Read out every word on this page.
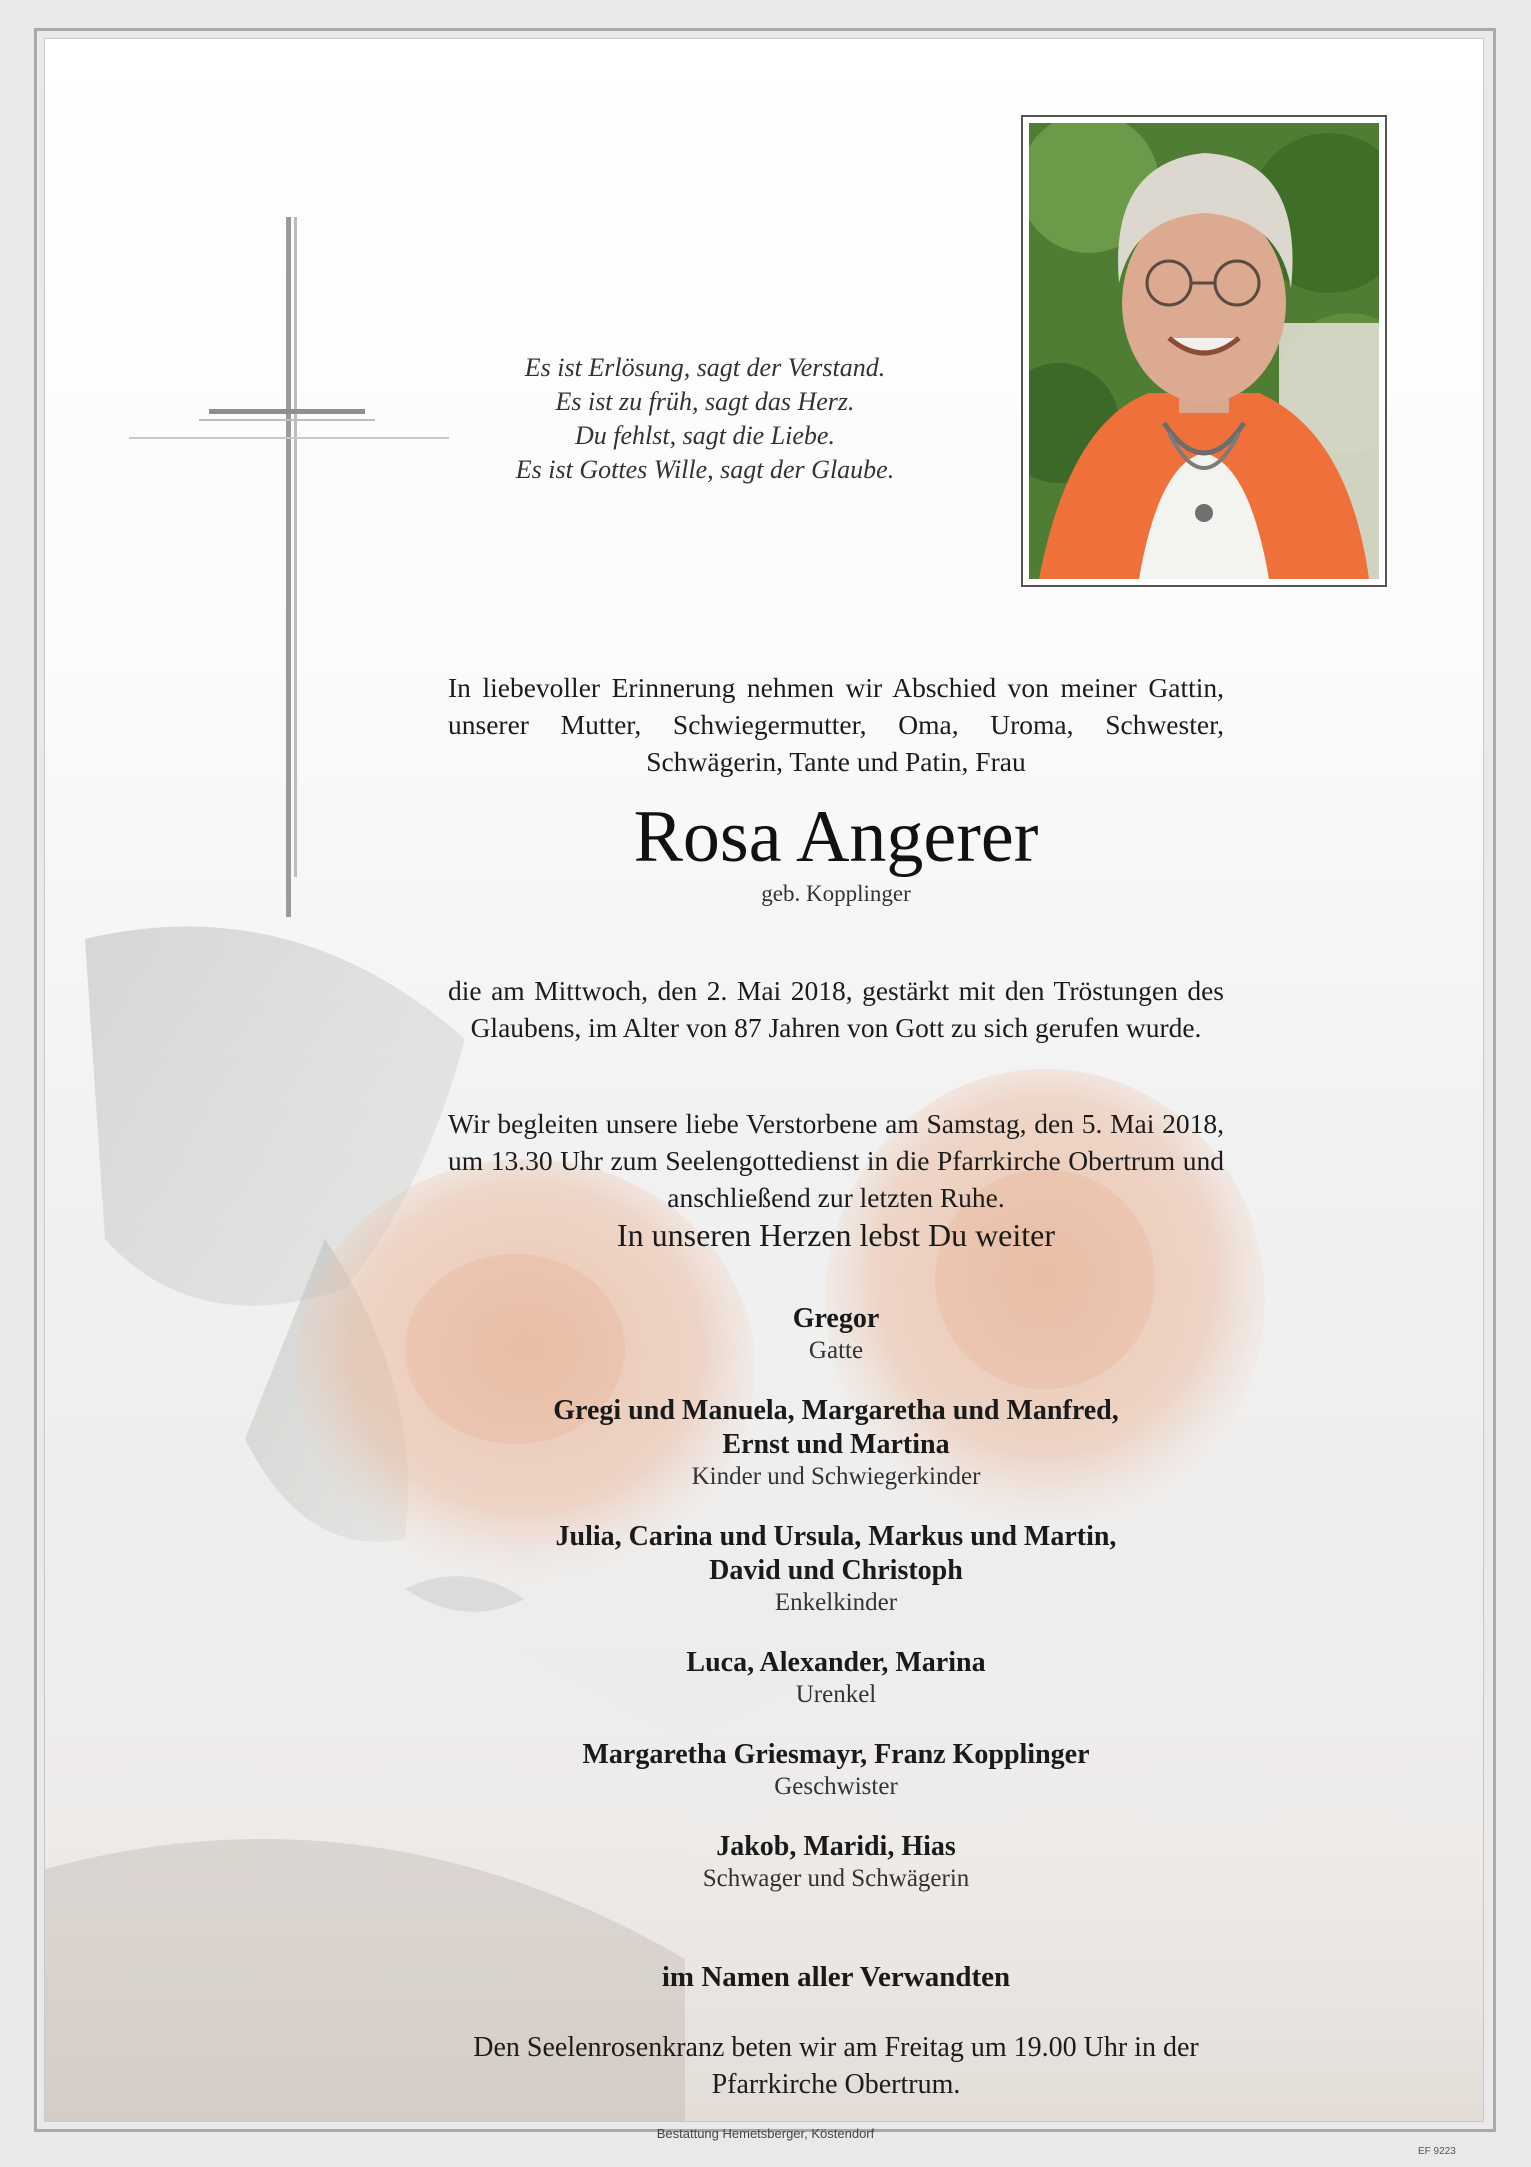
Es ist Erlösung, sagt der Verstand.
Es ist zu früh, sagt das Herz.
Du fehlst, sagt die Liebe.
Es ist Gottes Wille, sagt der Glaube.
In liebevoller Erinnerung nehmen wir Abschied von meiner Gattin, unserer Mutter, Schwiegermutter, Oma, Uroma, Schwester, Schwägerin, Tante und Patin, Frau
Rosa Angerer
geb. Kopplinger
die am Mittwoch, den 2. Mai 2018, gestärkt mit den Tröstungen des Glaubens, im Alter von 87 Jahren von Gott zu sich gerufen wurde.
Wir begleiten unsere liebe Verstorbene am Samstag, den 5. Mai 2018, um 13.30 Uhr zum Seelengottedienst in die Pfarrkirche Obertrum und anschließend zur letzten Ruhe.
In unseren Herzen lebst Du weiter
Gregor
Gatte
Gregi und Manuela, Margaretha und Manfred,
Ernst und Martina
Kinder und Schwiegerkinder
Julia, Carina und Ursula, Markus und Martin,
David und Christoph
Enkelkinder
Luca, Alexander, Marina
Urenkel
Margaretha Griesmayr, Franz Kopplinger
Geschwister
Jakob, Maridi, Hias
Schwager und Schwägerin
im Namen aller Verwandten
Den Seelenrosenkranz beten wir am Freitag um 19.00 Uhr in der
Pfarrkirche Obertrum.
Bestattung Hemetsberger, Köstendorf
EF 9223
